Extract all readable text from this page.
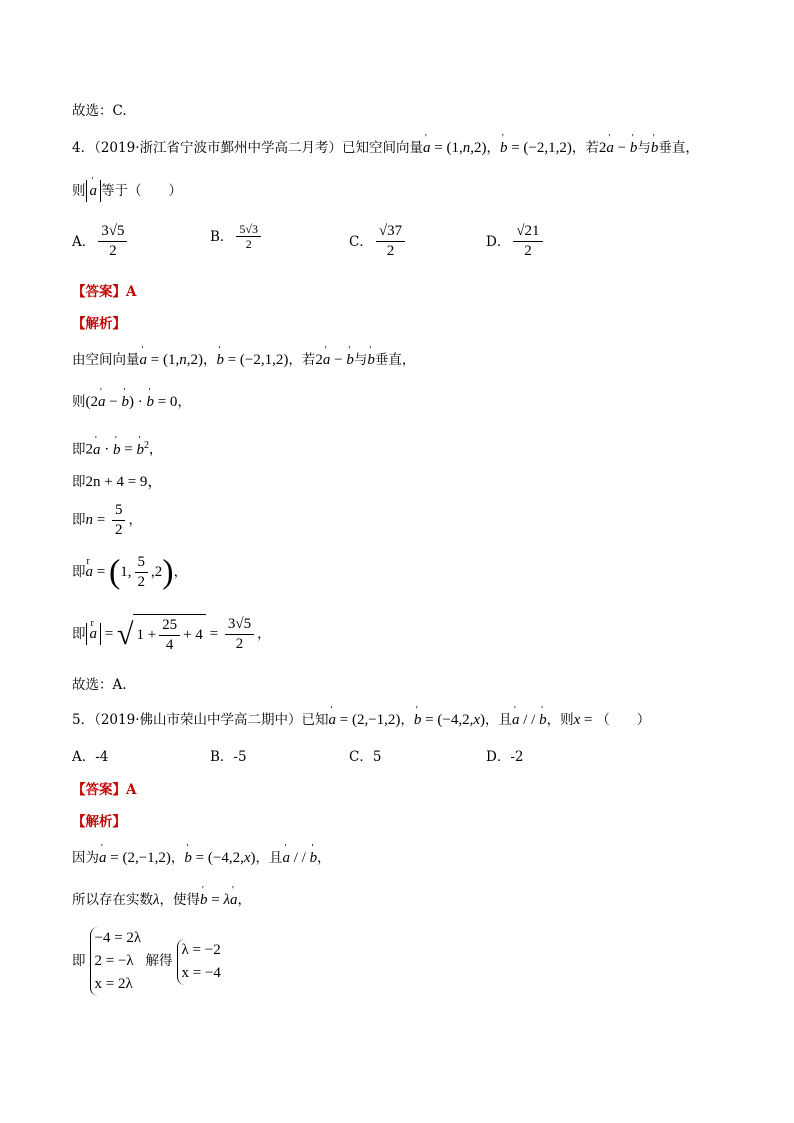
故选：C.
4．（2019·浙江省宁波市鄞州中学高二月考）已知空间向量' a = (1,n,2)，' b = (−2,1,2)，若2' a − ' b与' b垂直，
则 ' a 等于（　　）
A． $\frac{3√5}{2}$	B． $\frac{5√3}{2}$	C． $\frac{√37}{2}$	D． $\frac{√21}{2}$
【答案】A
【解析】
由空间向量' a = (1,n,2)，' b = (−2,1,2)，若2' a − ' b与' b垂直，
则(2' a − ' b) · ' b = 0，
即2' a · ' b = ' $b^2$，
即2n + 4 = 9，
即$n = \frac{5}{2}$ ，
即r a = (1, $\frac{5}{2} ,2$)，
即 r a = √ $1 + \frac{25}{4} + 4 = \frac{3√5}{2}$ ，
故选：A.
5．（2019·佛山市荣山中学高二期中）已知' a = (2,−1,2)，' b = (−4,2,x)，且' a / / ' b，则x = （　　）
A． -4	B． -5	C． 5	D． -2
【答案】A
【解析】
因为' a = (2,−1,2)，' b = (−4,2,x)，且' a / / ' b，
所以存在实数λ，使得' b = λ' a，
即
−4 = 2λ
2 = −λ
x = 2λ
解得
λ = −2
x = −4
